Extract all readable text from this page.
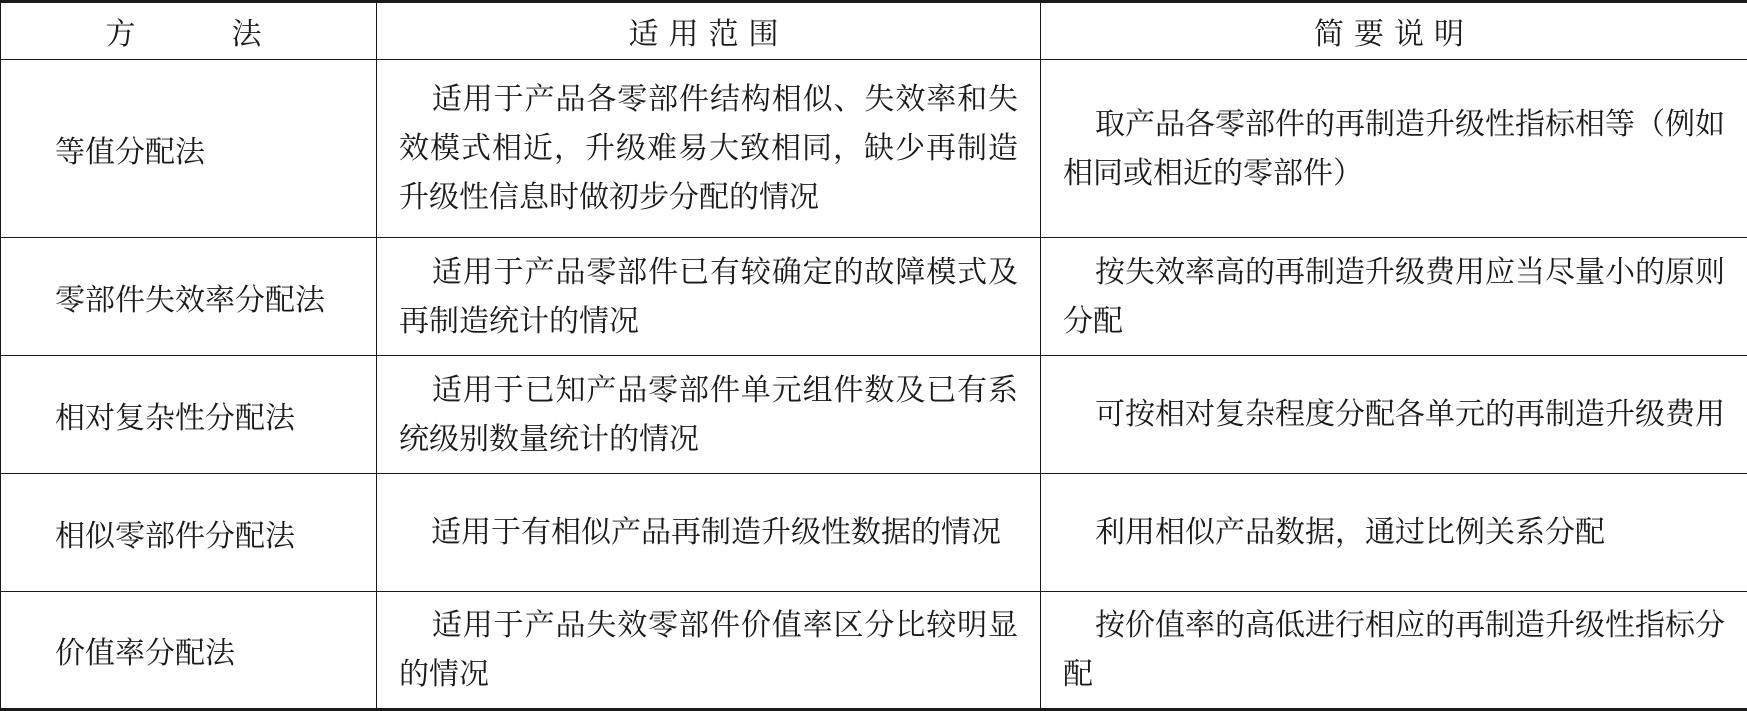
方 法	适用范围	简要说明
等值分配法	适用于产品各零部件结构相似、失效率和失效模式相近，升级难易大致相同，缺少再制造升级性信息时做初步分配的情况	取产品各零部件的再制造升级性指标相等（例如相同或相近的零部件）
零部件失效率分配法	适用于产品零部件已有较确定的故障模式及再制造统计的情况	按失效率高的再制造升级费用应当尽量小的原则分配
相对复杂性分配法	适用于已知产品零部件单元组件数及已有系统级别数量统计的情况	可按相对复杂程度分配各单元的再制造升级费用
相似零部件分配法	适用于有相似产品再制造升级性数据的情况	利用相似产品数据，通过比例关系分配
价值率分配法	适用于产品失效零部件价值率区分比较明显的情况	按价值率的高低进行相应的再制造升级性指标分配
